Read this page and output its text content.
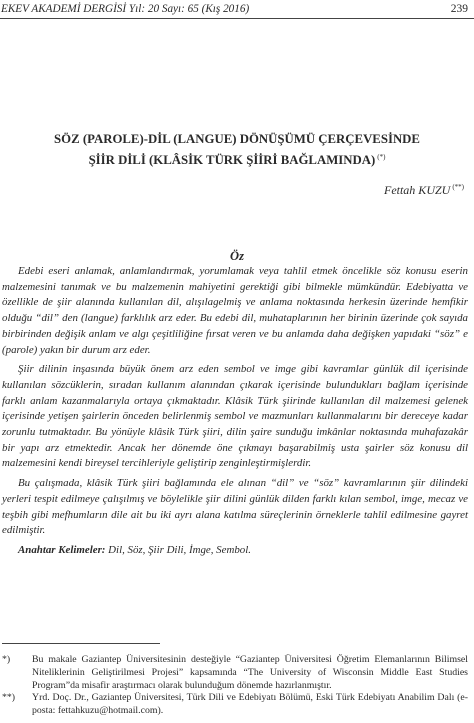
EKEV AKADEMİ DERGİSİ Yıl: 20 Sayı: 65 (Kış 2016)	239
SÖZ (PAROLE)-DİL (LANGUE) DÖNÜŞÜMÜ ÇERÇEVESİNDE
ŞİİR DİLİ (KLÂSİK TÜRK ŞİİRİ BAĞLAMINDA) (*)
Fettah KUZU (**)
Öz

Edebi eseri anlamak, anlamlandırmak, yorumlamak veya tahlil etmek öncelikle söz konusu eserin malzemesini tanımak ve bu malzemenin mahiyetini gerektiği gibi bilmekle mümkündür. Edebiyatta ve özellikle de şiir alanında kullanılan dil, alışılagelmiş ve anlama noktasında herkesin üzerinde hemfikir olduğu “dil” den (langue) farklılık arz eder. Bu edebi dil, muhataplarının her birinin üzerinde çok sayıda birbirinden değişik anlam ve algı çeşitliliğine fırsat veren ve bu anlamda daha değişken yapıdaki “söz” e (parole) yakın bir durum arz eder.

Şiir dilinin inşasında büyük önem arz eden sembol ve imge gibi kavramlar günlük dil içerisinde kullanılan sözcüklerin, sıradan kullanım alanından çıkarak içerisinde bulundukları bağlam içerisinde farklı anlam kazanmalarıyla ortaya çıkmaktadır. Klâsik Türk şiirinde kullanılan dil malzemesi gelenek içerisinde yetişen şairlerin önceden belirlenmiş sembol ve mazmunları kullanmalarını bir dereceye kadar zorunlu tutmaktadır. Bu yönüyle klâsik Türk şiiri, dilin şaire sunduğu imkânlar noktasında muhafazakâr bir yapı arz etmektedir. Ancak her dönemde öne çıkmayı başarabilmiş usta şairler söz konusu dil malzemesini kendi bireysel tercihleriyle geliştirip zenginleştirmişlerdir.

Bu çalışmada, klâsik Türk şiiri bağlamında ele alınan “dil” ve “söz” kavramlarının şiir dilindeki yerleri tespit edilmeye çalışılmış ve böylelikle şiir dilini günlük dilden farklı kılan sembol, imge, mecaz ve teşbih gibi mefhumların dile ait bu iki ayrı alana katılma süreçlerinin örneklerle tahlil edilmesine gayret edilmiştir.

Anahtar Kelimeler: Dil, Söz, Şiir Dili, İmge, Sembol.

*) Bu makale Gaziantep Üniversitesinin desteğiyle “Gaziantep Üniversitesi Öğretim Elemanlarının Bilimsel Niteliklerinin Geliştirilmesi Projesi” kapsamında “The University of Wisconsin Middle East Studies Program”da misafir araştırmacı olarak bulunduğum dönemde hazırlanmıştır.
**) Yrd. Doç. Dr., Gaziantep Üniversitesi, Türk Dili ve Edebiyatı Bölümü, Eski Türk Edebiyatı Anabilim Dalı (e-posta: fettahkuzu@hotmail.com).
